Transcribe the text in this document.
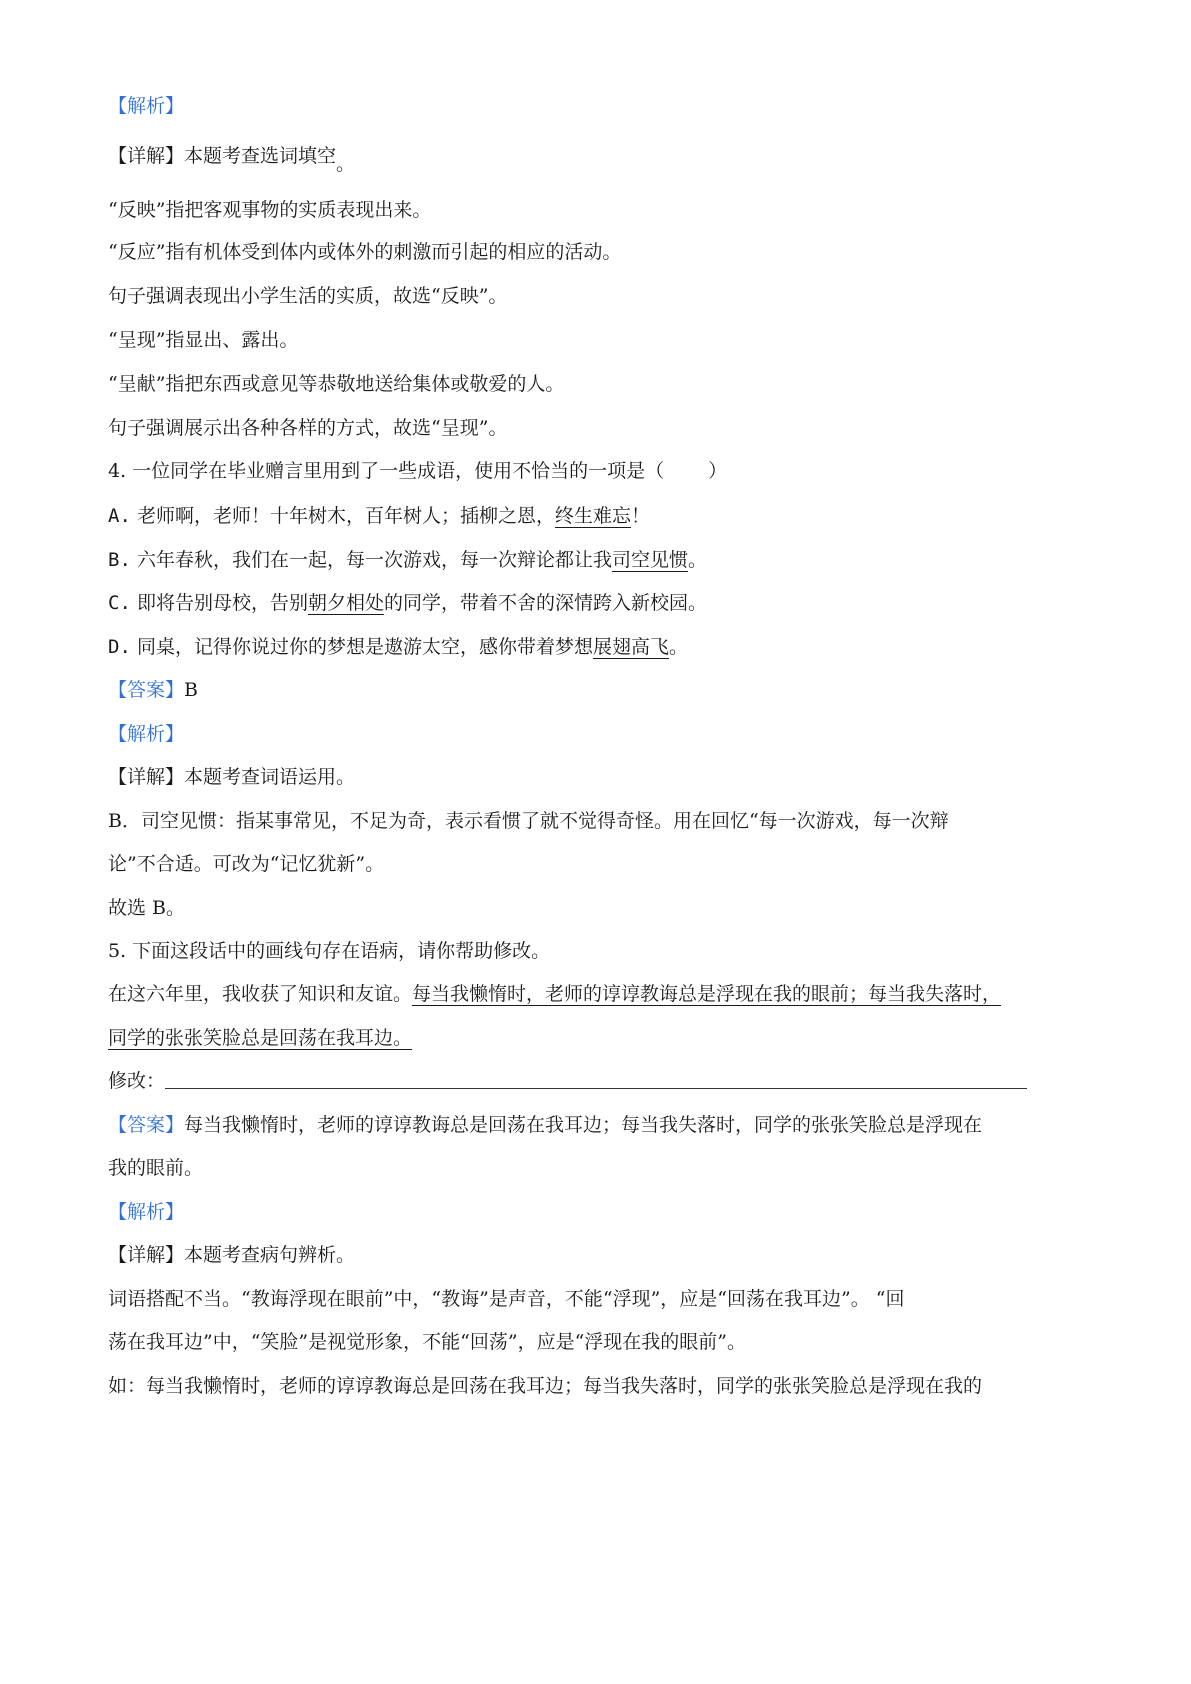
【解析】
【详解】本题考查选词填空。
“反映”指把客观事物的实质表现出来。
“反应”指有机体受到体内或体外的刺激而引起的相应的活动。
句子强调表现出小学生活的实质，故选“反映”。
“呈现”指显出、露出。
“呈献”指把东西或意见等恭敬地送给集体或敬爱的人。
句子强调展示出各种各样的方式，故选“呈现”。
4. 一位同学在毕业赠言里用到了一些成语，使用不恰当的一项是（ ）
A. 老师啊，老师！十年树木，百年树人；插柳之恩，终生难忘！
B. 六年春秋，我们在一起，每一次游戏，每一次辩论都让我司空见惯。
C. 即将告别母校，告别朝夕相处的同学，带着不舍的深情跨入新校园。
D. 同桌，记得你说过你的梦想是遨游太空，感你带着梦想展翅高飞。
【答案】B
【解析】
【详解】本题考查词语运用。
B．司空见惯：指某事常见，不足为奇，表示看惯了就不觉得奇怪。用在回忆“每一次游戏，每一次辩
论”不合适。可改为“记忆犹新”。
故选 B。
5. 下面这段话中的画线句存在语病，请你帮助修改。
在这六年里，我收获了知识和友谊。每当我懒惰时，老师的谆谆教诲总是浮现在我的眼前；每当我失落时，
同学的张张笑脸总是回荡在我耳边。
修改：
【答案】每当我懒惰时，老师的谆谆教诲总是回荡在我耳边；每当我失落时，同学的张张笑脸总是浮现在
我的眼前。
【解析】
【详解】本题考查病句辨析。
词语搭配不当。“教诲浮现在眼前”中，“教诲”是声音，不能“浮现”，应是“回荡在我耳边”。 “回
荡在我耳边”中，“笑脸”是视觉形象，不能“回荡”，应是“浮现在我的眼前”。
如：每当我懒惰时，老师的谆谆教诲总是回荡在我耳边；每当我失落时，同学的张张笑脸总是浮现在我的
